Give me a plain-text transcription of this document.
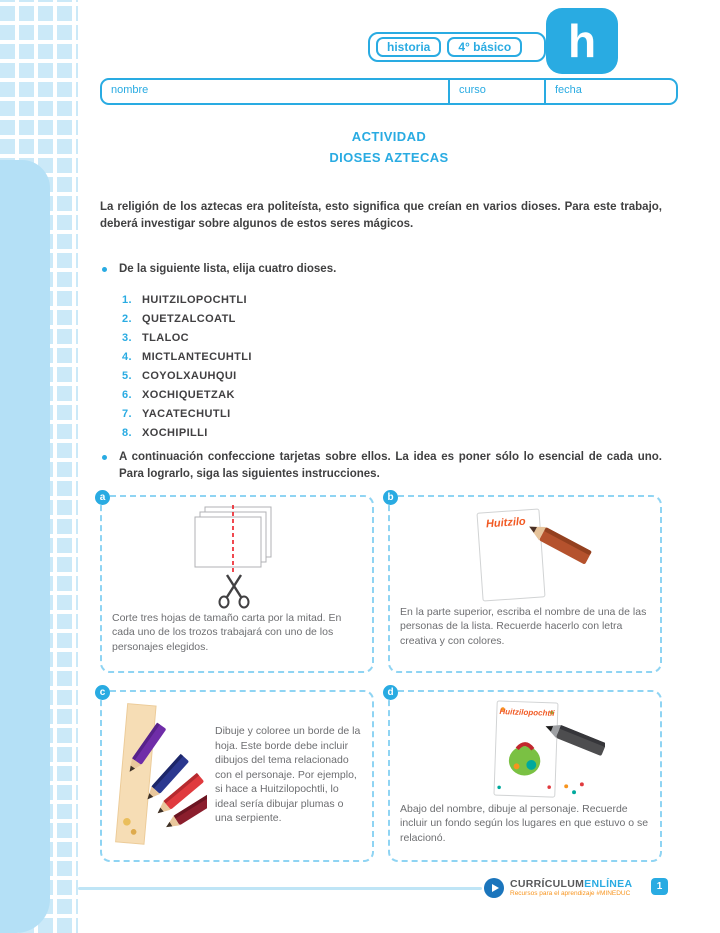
historia	4° básico h
nombre	curso	fecha
ACTIVIDAD
DIOSES AZTECAS
La religión de los aztecas era politeísta, esto significa que creían en varios dioses. Para este trabajo, deberá investigar sobre algunos de estos seres mágicos.
De la siguiente lista, elija cuatro dioses.
1. HUITZILOPOCHTLI
2. QUETZALCOATL
3. TLALOC
4. MICTLANTECUHTLI
5. COYOLXAUHQUI
6. XOCHIQUETZAK
7. YACATECHUTLI
8. XOCHIPILLI
A continuación confeccione tarjetas sobre ellos. La idea es poner sólo lo esencial de cada uno. Para lograrlo, siga las siguientes instrucciones.
a
Corte tres hojas de tamaño carta por la mitad. En cada uno de los trozos trabajará con uno de los personajes elegidos.
b
Huitzilo
En la parte superior, escriba el nombre de una de las personas de la lista. Recuerde hacerlo con letra creativa y con colores.
c
Dibuje y coloree un borde de la hoja. Este borde debe incluir dibujos del tema relacionado con el personaje. Por ejemplo, si hace a Huitzilopochtli, lo ideal sería dibujar plumas o una serpiente.
d
Huitzilopochtli
Abajo del nombre, dibuje al personaje. Recuerde incluir un fondo según los lugares en que estuvo o se relacionó.
CURRÍCULUMENLÍNEA
Recursos para el aprendizaje #MINEDUC
1
